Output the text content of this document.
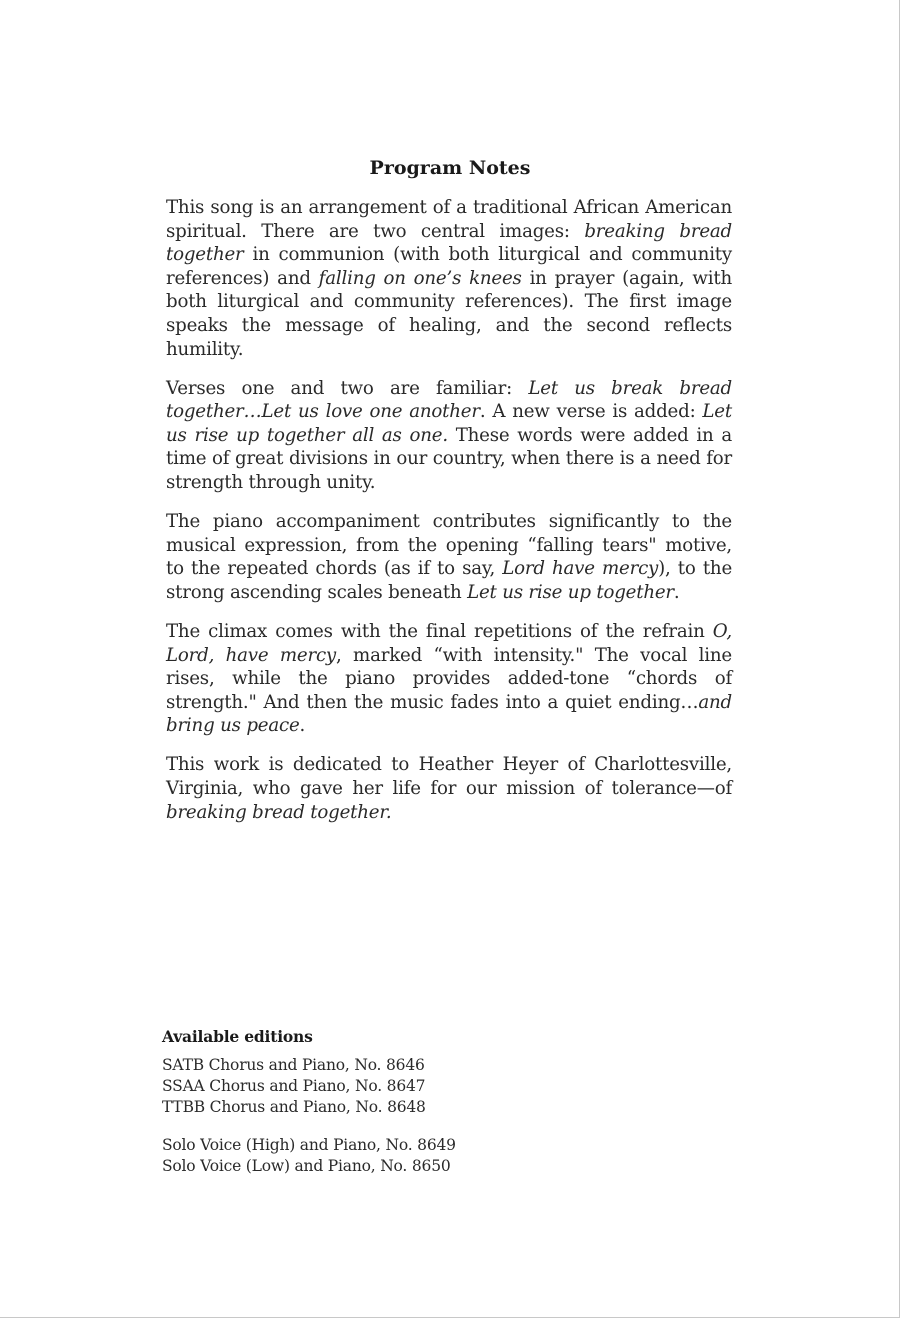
Program Notes

This song is an arrangement of a traditional African American spiritual. There are two central images: breaking bread together in communion (with both liturgical and community references) and falling on one’s knees in prayer (again, with both liturgical and community references). The first image speaks the message of healing, and the second reflects humility.

Verses one and two are familiar: Let us break bread together…Let us love one another. A new verse is added: Let us rise up together all as one. These words were added in a time of great divisions in our country, when there is a need for strength through unity.

The piano accompaniment contributes significantly to the musical expression, from the opening “falling tears" motive, to the repeated chords (as if to say, Lord have mercy), to the strong ascending scales beneath Let us rise up together.

The climax comes with the final repetitions of the refrain O, Lord, have mercy, marked “with intensity." The vocal line rises, while the piano provides added-tone “chords of strength." And then the music fades into a quiet ending…and bring us peace.

This work is dedicated to Heather Heyer of Charlottesville, Virginia, who gave her life for our mission of tolerance—of breaking bread together.

Available editions
SATB Chorus and Piano, No. 8646
SSAA Chorus and Piano, No. 8647
TTBB Chorus and Piano, No. 8648
Solo Voice (High) and Piano, No. 8649
Solo Voice (Low) and Piano, No. 8650
